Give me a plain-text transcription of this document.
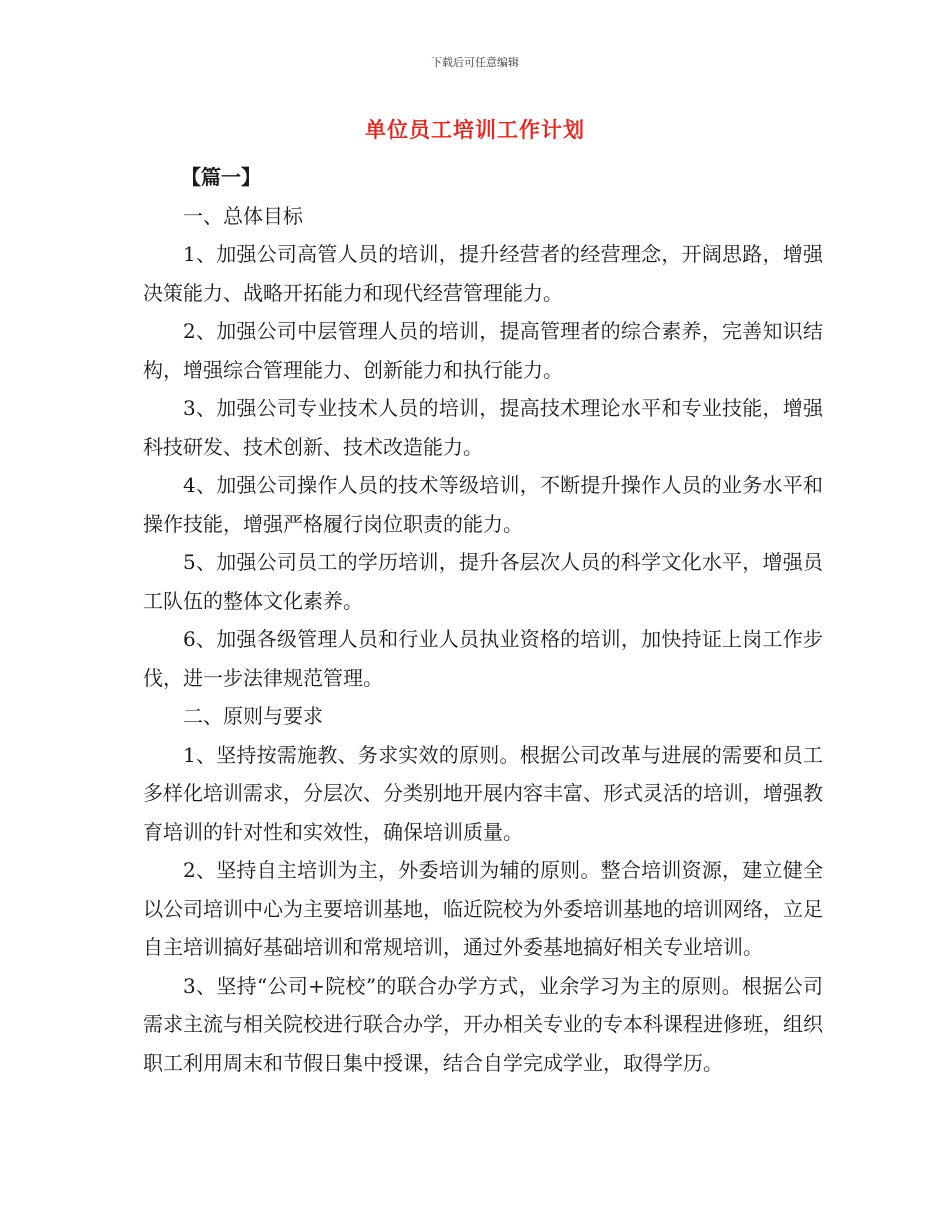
下载后可任意编辑
单位员工培训工作计划

【篇一】

一、总体目标

1、加强公司高管人员的培训，提升经营者的经营理念，开阔思路，增强决策能力、战略开拓能力和现代经营管理能力。

2、加强公司中层管理人员的培训，提高管理者的综合素养，完善知识结构，增强综合管理能力、创新能力和执行能力。

3、加强公司专业技术人员的培训，提高技术理论水平和专业技能，增强科技研发、技术创新、技术改造能力。

4、加强公司操作人员的技术等级培训，不断提升操作人员的业务水平和操作技能，增强严格履行岗位职责的能力。

5、加强公司员工的学历培训，提升各层次人员的科学文化水平，增强员工队伍的整体文化素养。

6、加强各级管理人员和行业人员执业资格的培训，加快持证上岗工作步伐，进一步法律规范管理。

二、原则与要求

1、坚持按需施教、务求实效的原则。根据公司改革与进展的需要和员工多样化培训需求，分层次、分类别地开展内容丰富、形式灵活的培训，增强教育培训的针对性和实效性，确保培训质量。

2、坚持自主培训为主，外委培训为辅的原则。整合培训资源，建立健全以公司培训中心为主要培训基地，临近院校为外委培训基地的培训网络，立足自主培训搞好基础培训和常规培训，通过外委基地搞好相关专业培训。

3、坚持“公司+院校”的联合办学方式，业余学习为主的原则。根据公司需求主流与相关院校进行联合办学，开办相关专业的专本科课程进修班，组织职工利用周末和节假日集中授课，结合自学完成学业，取得学历。
